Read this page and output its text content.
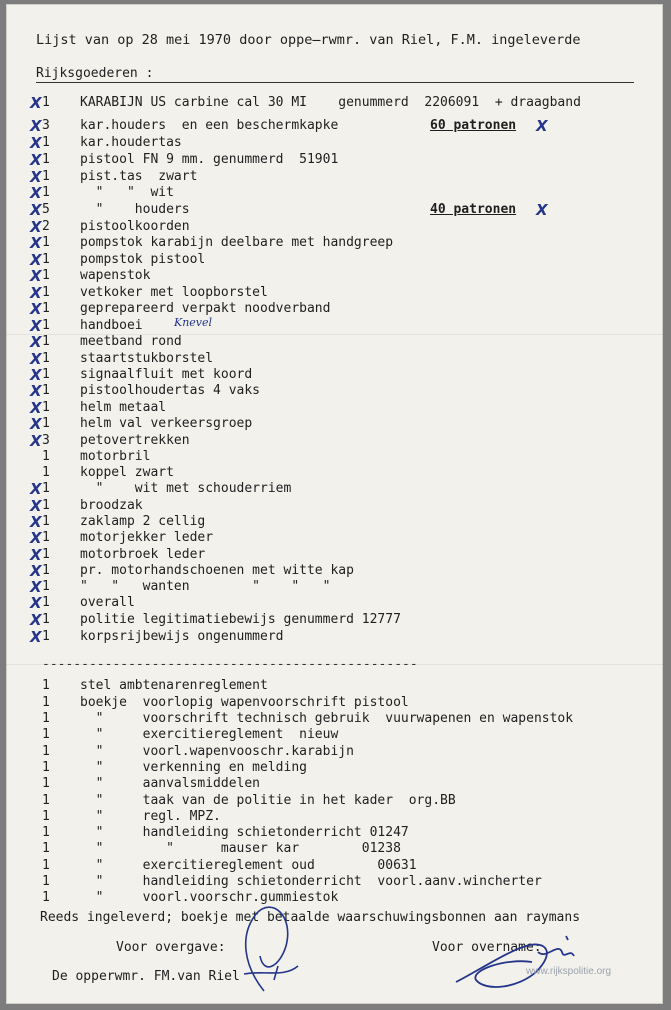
Lijst van op 28 mei 1970 door oppe̶rwmr. van Riel, F.M. ingeleverde
Rijksgoederen :
X 1 KARABIJN US carbine cal 30 MI    genummerd  2206091  + draagband
X 3 kar.houders  en een beschermkapke	60 patronen X
X 1 kar.houdertas
X 1 pistool FN 9 mm. genummerd  51901
X 1 pist.tas  zwart
X 1 "   "  wit
X 5 "    houders	40 patronen X
X 2 pistoolkoorden
X 1 pompstok karabijn deelbare met handgreep
X 1 pompstok pistool
X 1 wapenstok
X 1 vetkoker met loopborstel
X 1 geprepareerd verpakt noodverband
X 1 handboei
X 1 meetband rond
X 1 staartstukborstel
X 1 signaalfluit met koord
X 1 pistoolhoudertas 4 vaks
X 1 helm metaal
X 1 helm val verkeersgroep
X 3 petovertrekken
1 motorbril
1 koppel zwart
X 1 "    wit met schouderriem
X 1 broodzak
X 1 zaklamp 2 cellig
X 1 motorjekker leder
X 1 motorbroek leder
X 1 pr. motorhandschoenen met witte kap
X 1 "   "   wanten        "    "   "
X 1 overall
X 1 politie legitimatiebewijs genummerd 12777
X 1 korpsrijbewijs ongenummerd
Knevel
------------------------------------------------
1 stel ambtenarenreglement
1 boekje  voorlopig wapenvoorschrift pistool
1 "     voorschrift technisch gebruik  vuurwapenen en wapenstok
1 "     exercitiereglement  nieuw
1 "     voorl.wapenvooschr.karabijn
1 "     verkenning en melding
1 "     aanvalsmiddelen
1 "     taak van de politie in het kader  org.BB
1 "     regl. MPZ.
1 "     handleiding schietonderricht 01247
1 "        "      mauser kar        01238
1 "     exercitiereglement oud        00631
1 "     handleiding schietonderricht  voorl.aanv.wincherter
1 "     voorl.voorschr.gummiestok
Reeds ingeleverd; boekje met betaalde waarschuwingsbonnen aan raymans
Voor overgave:	Voor overname:
De opperwmr. FM.van Riel	www.rijkspolitie.org
